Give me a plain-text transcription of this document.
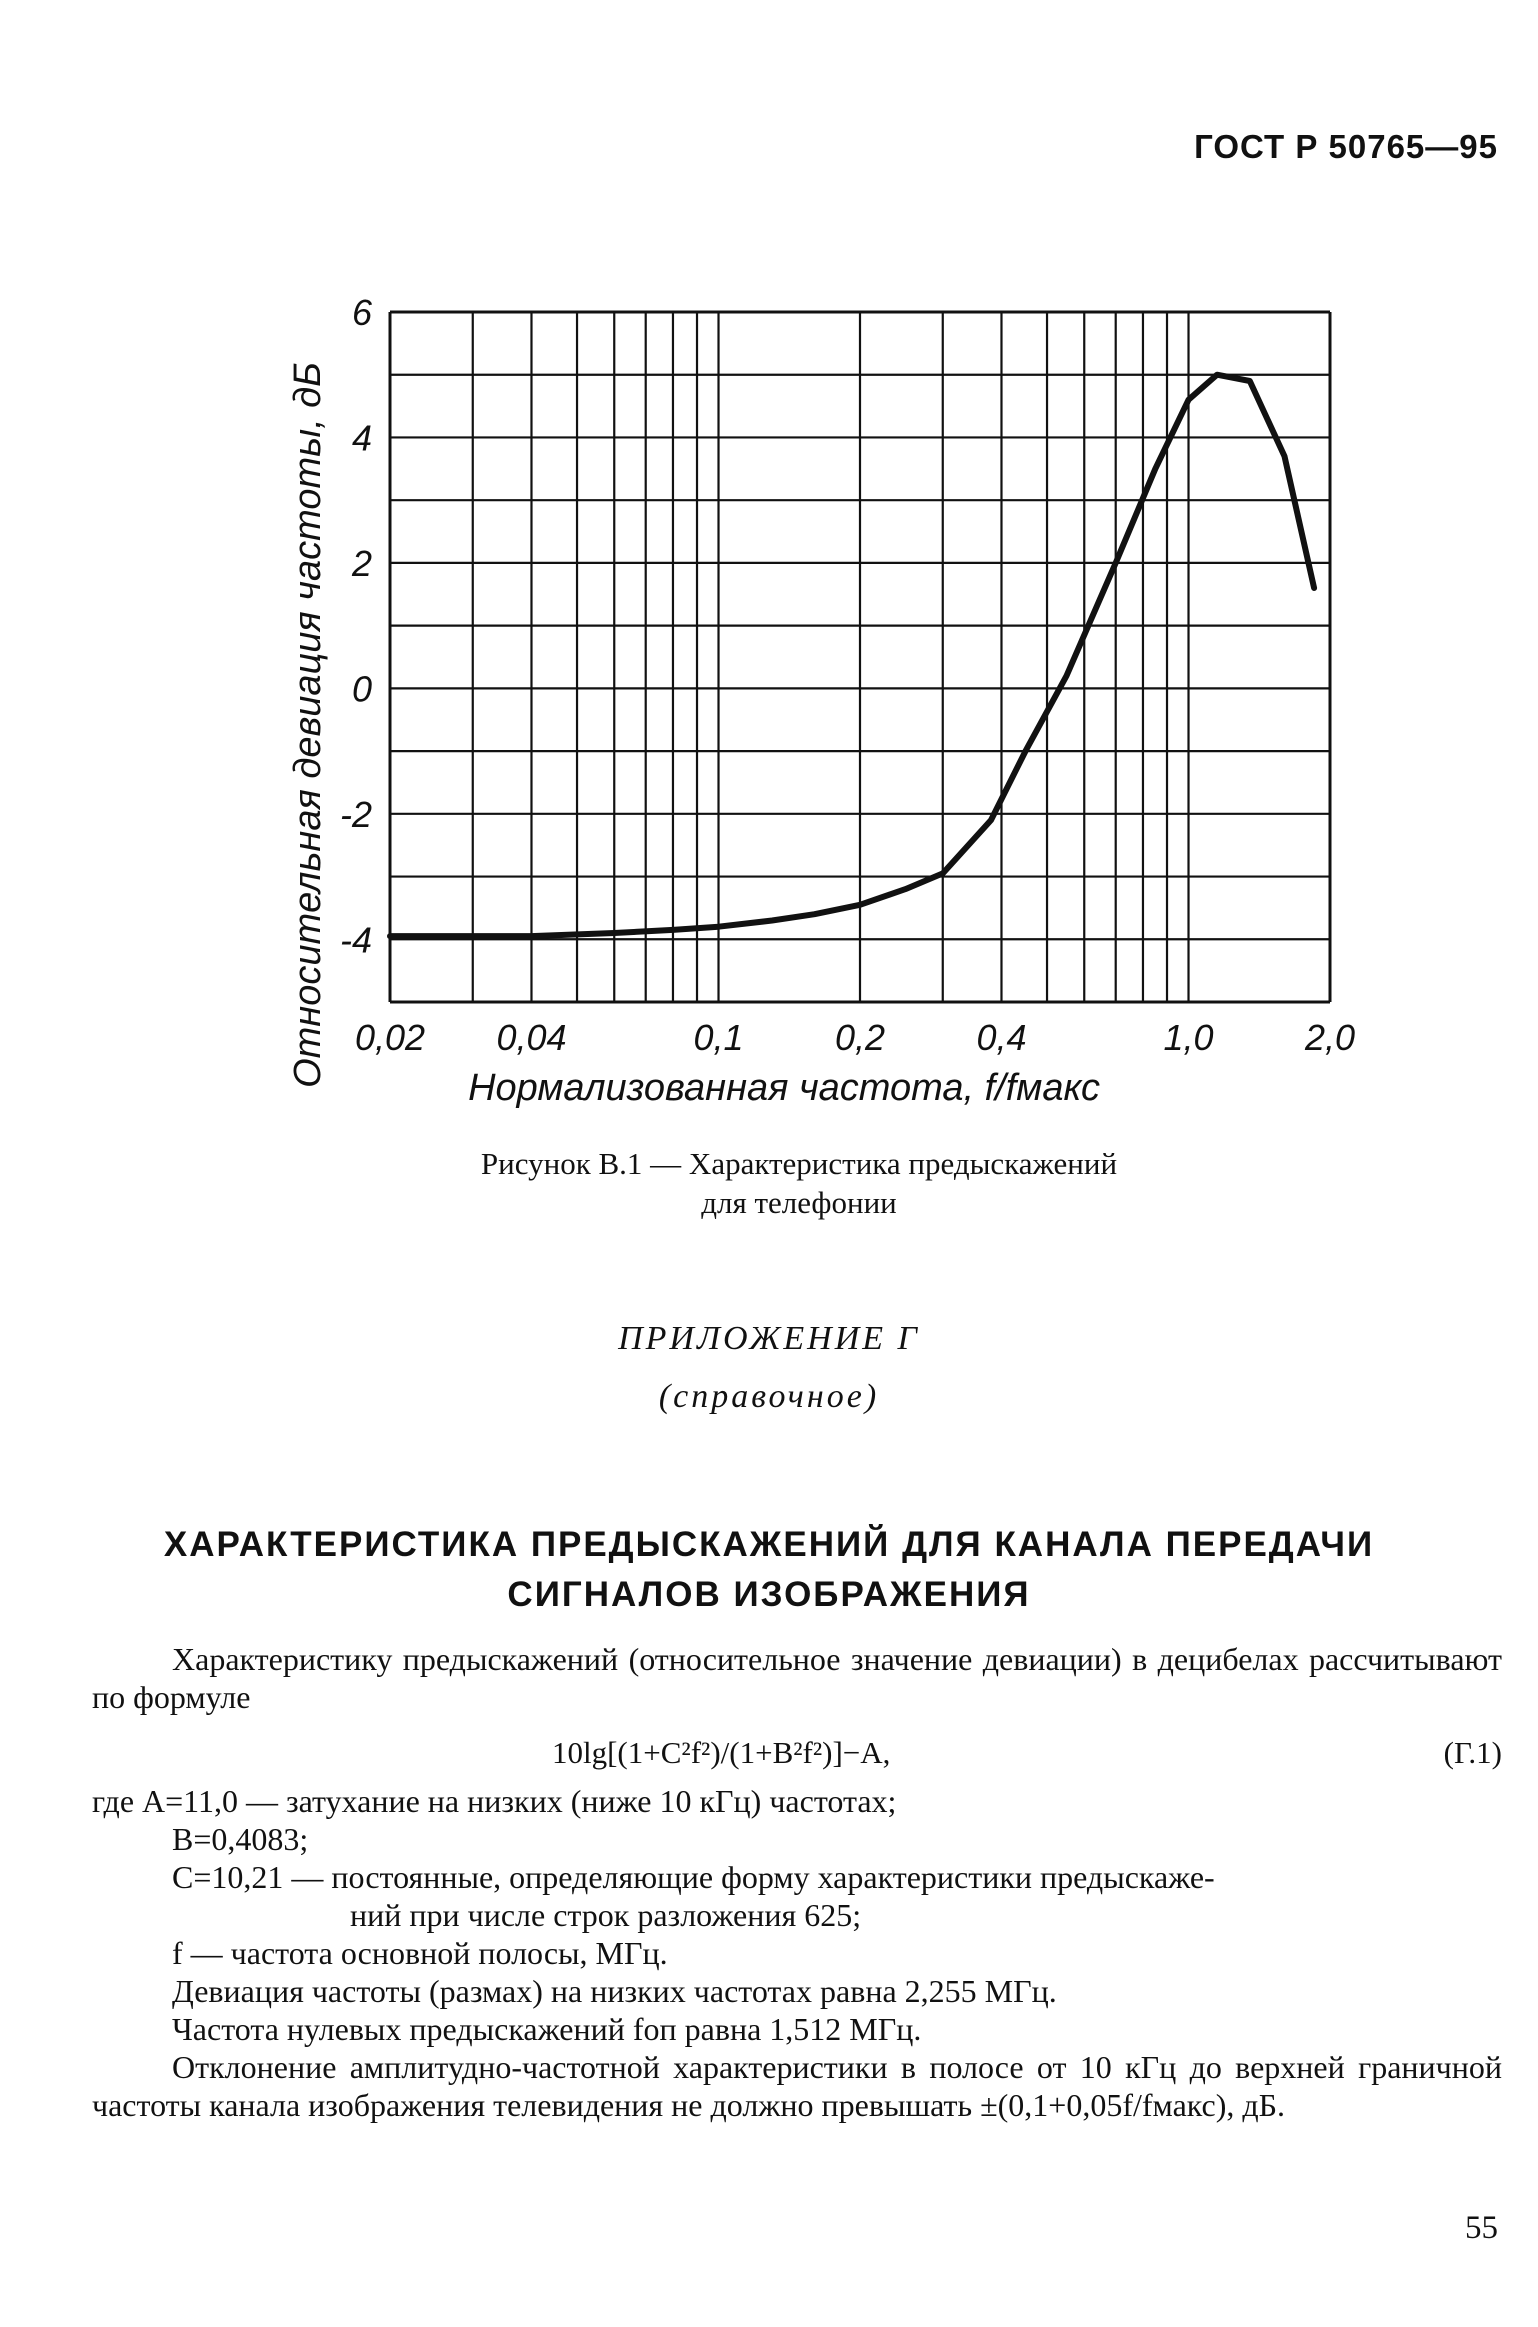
ГОСТ Р 50765—95
6
4
2
0
-2
-4
0,02 0,04	0,1	0,2	0,4	1,0	2,0
Относительная девиация частоты, дБ
Нормализованная частота, f/fмакс
Рисунок В.1 — Характеристика предыскажений
для телефонии
ПРИЛОЖЕНИЕ Г
(справочное)
ХАРАКТЕРИСТИКА ПРЕДЫСКАЖЕНИЙ ДЛЯ КАНАЛА ПЕРЕДАЧИ
СИГНАЛОВ ИЗОБРАЖЕНИЯ

Характеристику предыскажений (относительное значение девиации) в децибелах рассчитывают по формуле

10lg[(1+C²f²)/(1+B²f²)]−A,	(Г.1)

где A=11,0 — затухание на низких (ниже 10 кГц) частотах;

B=0,4083;

C=10,21 — постоянные, определяющие форму характеристики предыскаже-

ний при числе строк разложения 625;

f — частота основной полосы, МГц.

Девиация частоты (размах) на низких частотах равна 2,255 МГц.

Частота нулевых предыскажений fоп равна 1,512 МГц.

Отклонение амплитудно-частотной характеристики в полосе от 10 кГц до верхней граничной частоты канала изображения телевидения не должно превышать ±(0,1+0,05f/fмакс), дБ.

55
